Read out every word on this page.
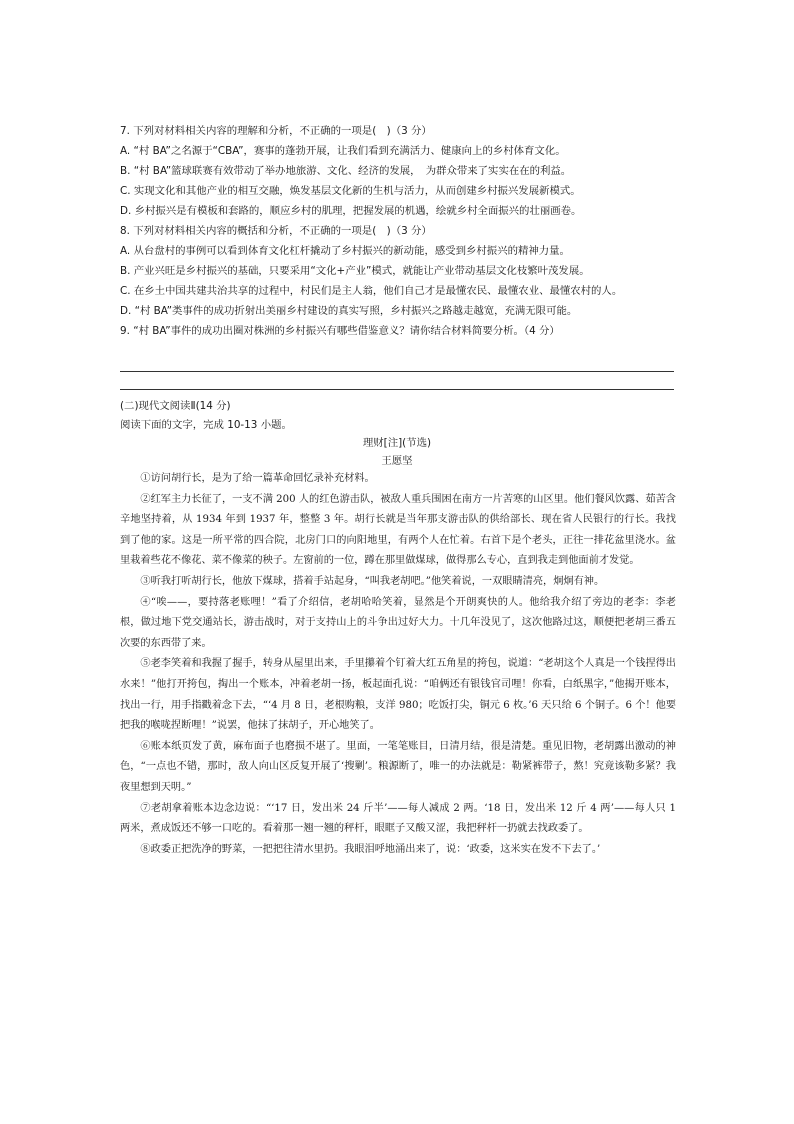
7. 下列对材料相关内容的理解和分析，不正确的一项是(　)（3 分）

A. “村 BA”之名源于“CBA”，赛事的蓬勃开展，让我们看到充满活力、健康向上的乡村体育文化。

B. “村 BA”篮球联赛有效带动了举办地旅游、文化、经济的发展，　为群众带来了实实在在的利益。

C. 实现文化和其他产业的相互交融，焕发基层文化新的生机与活力，从而创建乡村振兴发展新模式。

D. 乡村振兴是有模板和套路的，顺应乡村的肌理，把握发展的机遇，绘就乡村全面振兴的壮丽画卷。

8. 下列对材料相关内容的概括和分析，不正确的一项是(　)（3 分）

A. 从台盘村的事例可以看到体育文化杠杆撬动了乡村振兴的新动能，感受到乡村振兴的精神力量。

B. 产业兴旺是乡村振兴的基础，只要采用“文化+产业”模式，就能让产业带动基层文化枝繁叶茂发展。

C. 在乡土中国共建共治共享的过程中，村民们是主人翁，他们自己才是最懂农民、最懂农业、最懂农村的人。

D. “村 BA”类事件的成功折射出美丽乡村建设的真实写照，乡村振兴之路越走越宽，充满无限可能。

9. “村 BA”事件的成功出圈对株洲的乡村振兴有哪些借鉴意义？请你结合材料简要分析。（4 分）

(二)现代文阅读Ⅱ(14 分)

阅读下面的文字，完成 10-13 小题。

理财[注](节选)
王愿坚

①访问胡行长，是为了给一篇革命回忆录补充材料。

②红军主力长征了，一支不满 200 人的红色游击队，被敌人重兵围困在南方一片苦寒的山区里。他们餐风饮露、茹苦含辛地坚持着，从 1934 年到 1937 年，整整 3 年。胡行长就是当年那支游击队的供给部长、现在省人民银行的行长。我找到了他的家。这是一所平常的四合院，北房门口的向阳地里，有两个人在忙着。右首下是个老头，正往一排花盆里浇水。盆里栽着些花不像花、菜不像菜的秧子。左窗前的一位，蹲在那里做煤球，做得那么专心，直到我走到他面前才发觉。

③听我打听胡行长，他放下煤球，搭着手站起身，“叫我老胡吧。”他笑着说，一双眼睛清亮，炯炯有神。

④“唉——，要持落老账哩！”看了介绍信，老胡哈哈笑着，显然是个开朗爽快的人。他给我介绍了旁边的老李：李老根，做过地下党交通站长，游击战时，对于支持山上的斗争出过好大力。十几年没见了，这次他路过这，顺便把老胡三番五次要的东西带了来。

⑤老李笑着和我握了握手，转身从屋里出来，手里攥着个钉着大红五角星的挎包，说道：“老胡这个人真是一个钱捏得出水来！”他打开挎包，掏出一个账本，冲着老胡一扬，板起面孔说：“咱俩还有银钱官司哩！你看，白纸黑字，”他揭开账本，找出一行，用手指戳着念下去，“‘4 月 8 日，老根购粮，支洋 980；吃饭打尖，铜元 6 枚。’6 天只给 6 个铜子。6 个！他要把我的喉咙捏断哩！”说罢，他抹了抹胡子，开心地笑了。

⑥账本纸页发了黄，麻布面子也磨损不堪了。里面，一笔笔账目，日清月结，很是清楚。重见旧物，老胡露出激动的神色，“一点也不错，那时，敌人向山区反复开展了‘搜剿’。粮源断了，唯一的办法就是：勒紧裤带子，熬！究竟该勒多紧？我夜里想到天明。”

⑦老胡拿着账本边念边说：“‘17 日，发出米 24 斤半’——每人减成 2 两。‘18 日，发出米 12 斤 4 两’——每人只 1 两米，煮成饭还不够一口吃的。看着那一翘一翘的秤杆，眼眶子又酸又涩，我把秤杆一扔就去找政委了。

⑧政委正把洗净的野菜，一把把往清水里扔。我眼泪呼地涌出来了，说：‘政委，这米实在发不下去了。’
